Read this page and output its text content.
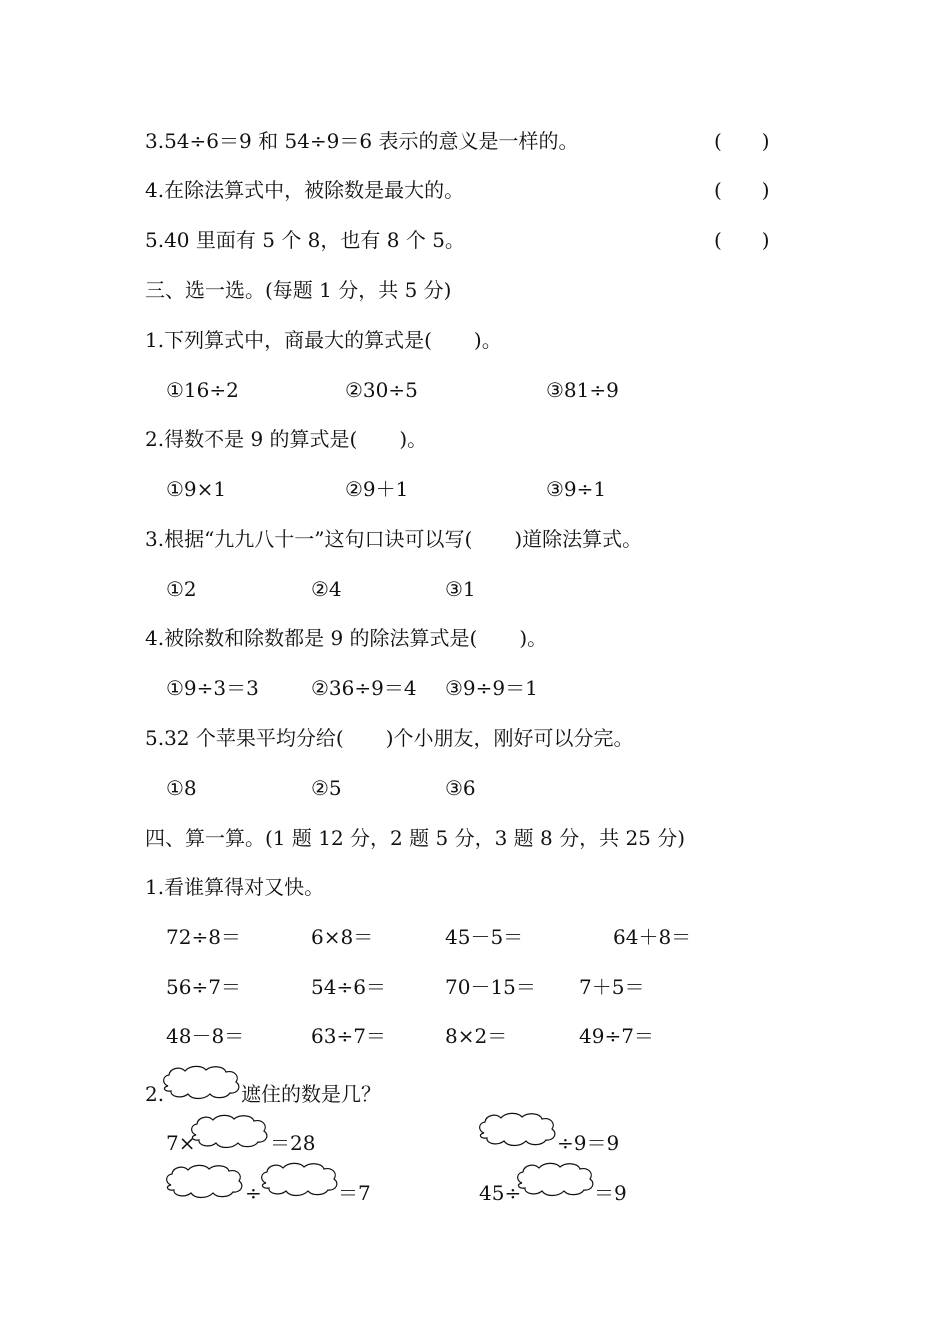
3.54÷6＝9 和 54÷9＝6 表示的意义是一样的。	(　　)
4.在除法算式中，被除数是最大的。	(　　)
5.40 里面有 5 个 8，也有 8 个 5。	(　　)
三、选一选。(每题 1 分，共 5 分)
1.下列算式中，商最大的算式是( )。
①16÷2	②30÷5	③81÷9
2.得数不是 9 的算式是( )。
①9×1	②9＋1	③9÷1
3.根据“九九八十一”这句口诀可以写( )道除法算式。
①2	②4	③1
4.被除数和除数都是 9 的除法算式是( )。
①9÷3＝3	②36÷9＝4 ③9÷9＝1
5.32 个苹果平均分给( )个小朋友，刚好可以分完。
①8	②5	③6
四、算一算。(1 题 12 分，2 题 5 分，3 题 8 分，共 25 分)
1.看谁算得对又快。
72÷8＝	6×8＝	45－5＝	64＋8＝
56÷7＝	54÷6＝	70－15＝ 7＋5＝
48－8＝	63÷7＝	8×2＝	49÷7＝
2.	遮住的数是几？
7×	＝28	÷9＝9
÷	＝7	45÷	＝9
